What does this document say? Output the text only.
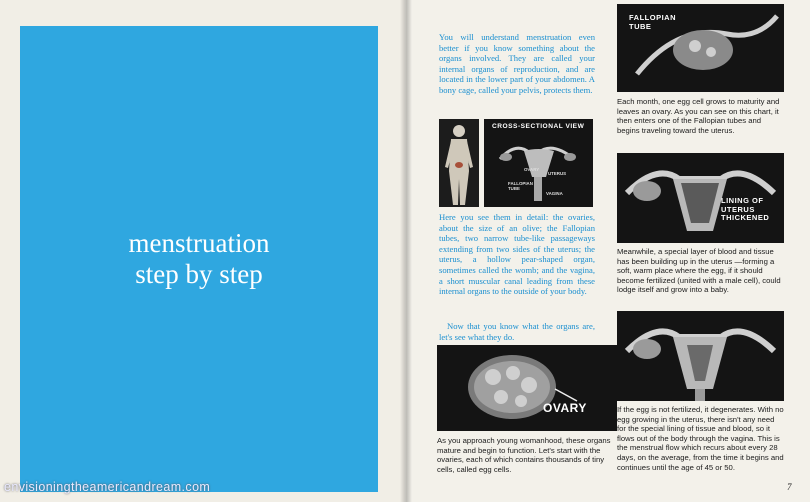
menstruation
step by step
You will understand menstruation even better if you know something about the organs involved. They are called your internal organs of reproduction, and are located in the lower part of your abdomen. A bony cage, called your pelvis, protects them.
CROSS-SECTIONAL VIEW
OVARY
UTERUS
FALLOPIAN TUBE
VAGINA
Here you see them in detail: the ovaries, about the size of an olive; the Fallopian tubes, two narrow tube-like passageways extending from two sides of the uterus; the uterus, a hollow pear-shaped organ, sometimes called the womb; and the vagina, a short muscular canal leading from these internal organs to the outside of your body.
Now that you know what the organs are, let's see what they do.
OVARY
As you approach young womanhood, these organs mature and begin to function. Let's start with the ovaries, each of which contains thousands of tiny cells, called egg cells.
FALLOPIAN TUBE
Each month, one egg cell grows to maturity and leaves an ovary. As you can see on this chart, it then enters one of the Fallopian tubes and begins traveling toward the uterus.
LINING OF UTERUS THICKENED
Meanwhile, a special layer of blood and tissue has been building up in the uterus —forming a soft, warm place where the egg, if it should become fertilized (united with a male cell), could lodge itself and grow into a baby.
If the egg is not fertilized, it degenerates. With no egg growing in the uterus, there isn't any need for the special lining of tissue and blood, so it flows out of the body through the vagina. This is the menstrual flow which recurs about every 28 days, on the average, from the time it begins and continues until the age of 45 or 50.
7
envisioningtheamericandream.com
